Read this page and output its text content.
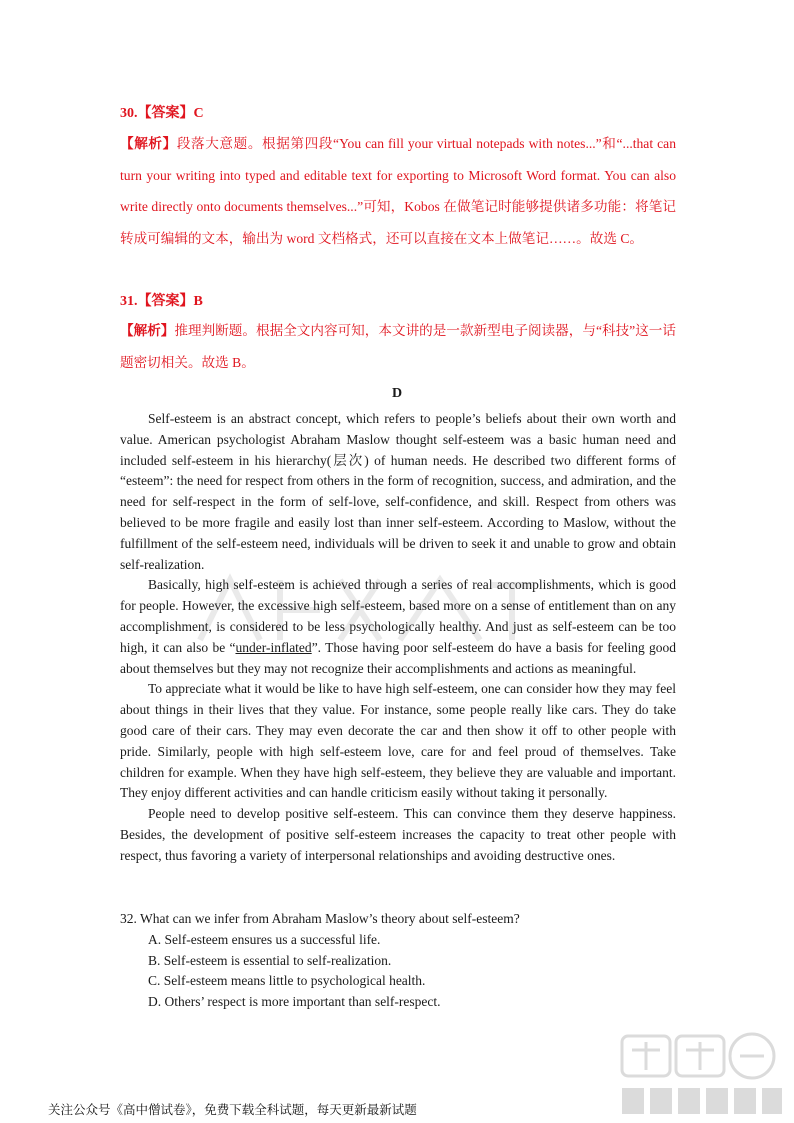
30.【答案】C
【解析】段落大意题。根据第四段“You can fill your virtual notepads with notes...”和“...that can turn your writing into typed and editable text for exporting to Microsoft Word format. You can also write directly onto documents themselves...”可知，Kobos 在做笔记时能够提供诸多功能：将笔记转成可编辑的文本，输出为 word 文档格式，还可以直接在文本上做笔记……。故选 C。
31.【答案】B
【解析】推理判断题。根据全文内容可知，本文讲的是一款新型电子阅读器，与“科技”这一话题密切相关。故选 B。
D

Self-esteem is an abstract concept, which refers to people’s beliefs about their own worth and value. American psychologist Abraham Maslow thought self-esteem was a basic human need and included self-esteem in his hierarchy(层次) of human needs. He described two different forms of “esteem”: the need for respect from others in the form of recognition, success, and admiration, and the need for self-respect in the form of self-love, self-confidence, and skill. Respect from others was believed to be more fragile and easily lost than inner self-esteem. According to Maslow, without the fulfillment of the self-esteem need, individuals will be driven to seek it and unable to grow and obtain self-realization.

Basically, high self-esteem is achieved through a series of real accomplishments, which is good for people. However, the excessive high self-esteem, based more on a sense of entitlement than on any accomplishment, is considered to be less psychologically healthy. And just as self-esteem can be too high, it can also be “under-inflated”. Those having poor self-esteem do have a basis for feeling good about themselves but they may not recognize their accomplishments and actions as meaningful.

To appreciate what it would be like to have high self-esteem, one can consider how they may feel about things in their lives that they value. For instance, some people really like cars. They do take good care of their cars. They may even decorate the car and then show it off to other people with pride. Similarly, people with high self-esteem love, care for and feel proud of themselves. Take children for example. When they have high self-esteem, they believe they are valuable and important. They enjoy different activities and can handle criticism easily without taking it personally.

People need to develop positive self-esteem. This can convince them they deserve happiness. Besides, the development of positive self-esteem increases the capacity to treat other people with respect, thus favoring a variety of interpersonal relationships and avoiding destructive ones.

32. What can we infer from Abraham Maslow’s theory about self-esteem?

A. Self-esteem ensures us a successful life.

B. Self-esteem is essential to self-realization.

C. Self-esteem means little to psychological health.

D. Others’ respect is more important than self-respect.

关注公众号《高中僧试卷》，免费下载全科试题，每天更新最新试题
